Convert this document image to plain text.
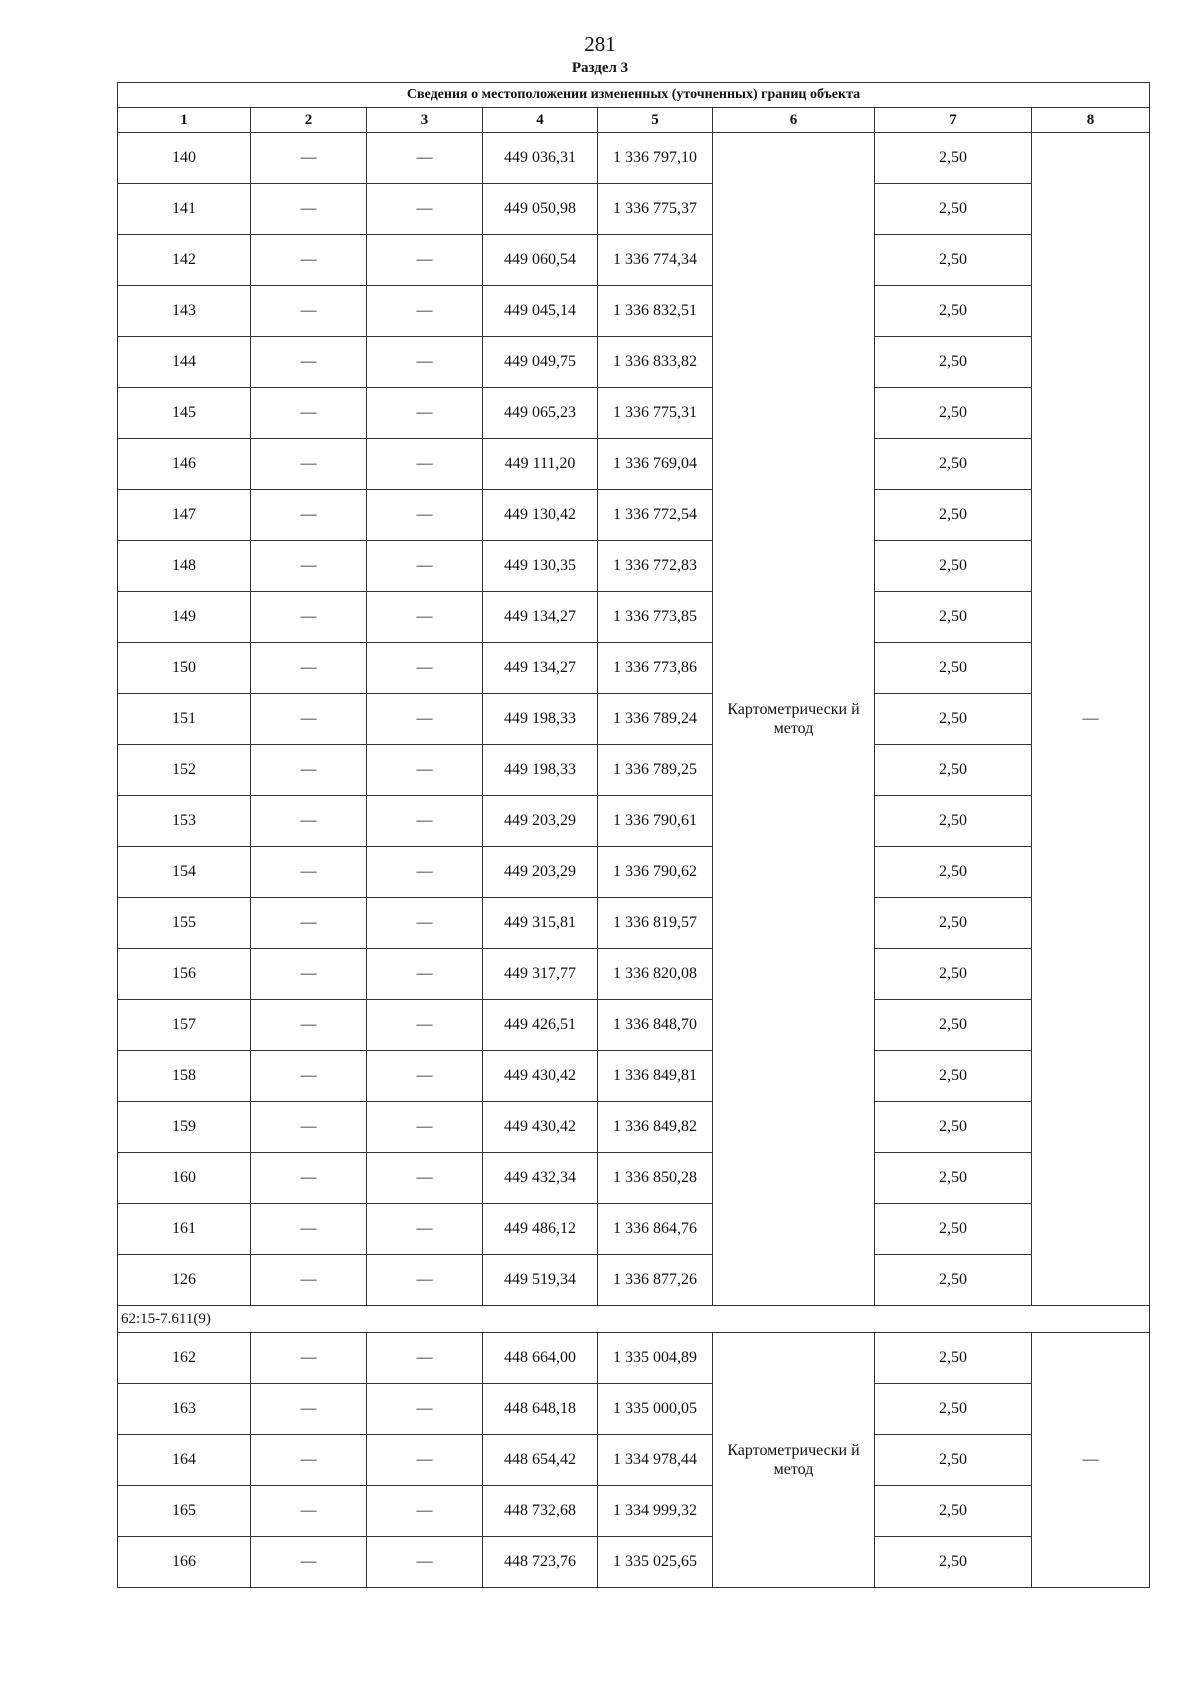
281
Раздел 3
Сведения о местоположении измененных (уточненных) границ объекта							
1	2	3	4	5	6	7	8
140	—	—	449 036,31	1 336 797,10	Картометрически й метод	2,50	—
141	—	—	449 050,98	1 336 775,37		2,50	
142	—	—	449 060,54	1 336 774,34		2,50	
143	—	—	449 045,14	1 336 832,51		2,50	
144	—	—	449 049,75	1 336 833,82		2,50	
145	—	—	449 065,23	1 336 775,31		2,50	
146	—	—	449 111,20	1 336 769,04		2,50	
147	—	—	449 130,42	1 336 772,54		2,50	
148	—	—	449 130,35	1 336 772,83		2,50	
149	—	—	449 134,27	1 336 773,85		2,50	
150	—	—	449 134,27	1 336 773,86		2,50	
151	—	—	449 198,33	1 336 789,24		2,50	
152	—	—	449 198,33	1 336 789,25		2,50	
153	—	—	449 203,29	1 336 790,61		2,50	
154	—	—	449 203,29	1 336 790,62		2,50	
155	—	—	449 315,81	1 336 819,57		2,50	
156	—	—	449 317,77	1 336 820,08		2,50	
157	—	—	449 426,51	1 336 848,70		2,50	
158	—	—	449 430,42	1 336 849,81		2,50	
159	—	—	449 430,42	1 336 849,82		2,50	
160	—	—	449 432,34	1 336 850,28		2,50	
161	—	—	449 486,12	1 336 864,76		2,50	
126	—	—	449 519,34	1 336 877,26		2,50	
62:15-7.611(9)							
162	—	—	448 664,00	1 335 004,89	Картометрически й метод	2,50	—
163	—	—	448 648,18	1 335 000,05		2,50	
164	—	—	448 654,42	1 334 978,44		2,50	
165	—	—	448 732,68	1 334 999,32		2,50	
166	—	—	448 723,76	1 335 025,65		2,50	
